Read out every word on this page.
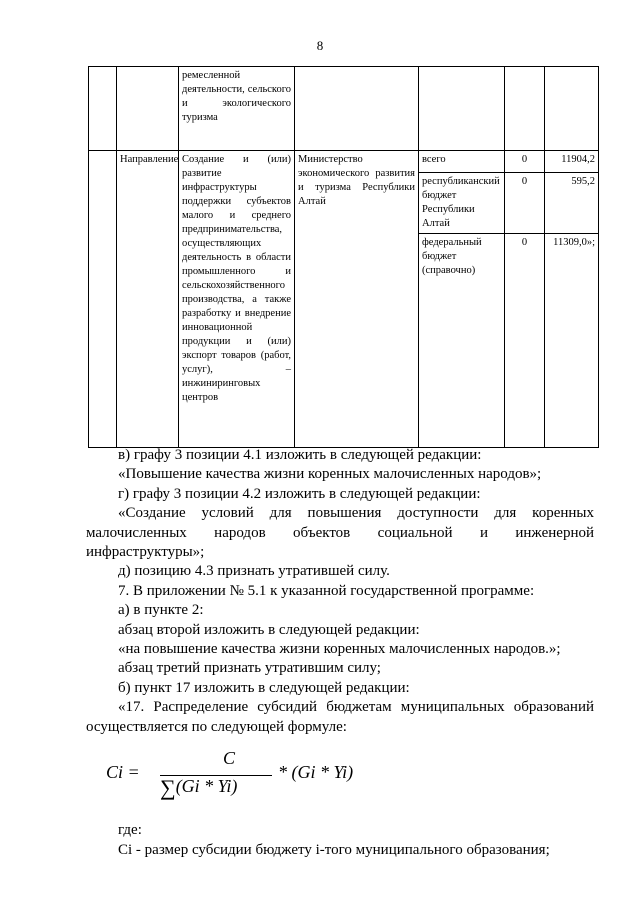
8
		ремесленной деятельности, сельского и экологического туризма				
	Направление	Создание и (или) развитие инфраструктуры поддержки субъектов малого и среднего предпринимательства, осуществляющих деятельность в области промышленного и сельскохозяйственного производства, а также разработку и внедрение инновационной продукции и (или) экспорт товаров (работ, услуг), – инжиниринговых центров	Министерство экономического развития и туризма Республики Алтай	всего	0	11904,2
				республиканский бюджет Республики Алтай	0	595,2
				федеральный бюджет (справочно)	0	11309,0»;

в) графу 3 позиции 4.1 изложить в следующей редакции:

«Повышение качества жизни коренных малочисленных народов»;

г) графу 3 позиции 4.2 изложить в следующей редакции:

«Создание условий для повышения доступности для коренных

малочисленных народов объектов социальной и инженерной

инфраструктуры»;

д) позицию 4.3 признать утратившей силу.

7. В приложении № 5.1 к указанной государственной программе:

а) в пункте 2:

абзац второй изложить в следующей редакции:

«на повышение качества жизни коренных малочисленных народов.»;

абзац третий признать утратившим силу;

б) пункт 17 изложить в следующей редакции:

«17. Распределение субсидий бюджетам муниципальных образований

осуществляется по следующей формуле:

Ci =
C
∑(Gi * Yi)
* (Gi * Yi)

где:

Ci - размер субсидии бюджету i-того муниципального образования;
